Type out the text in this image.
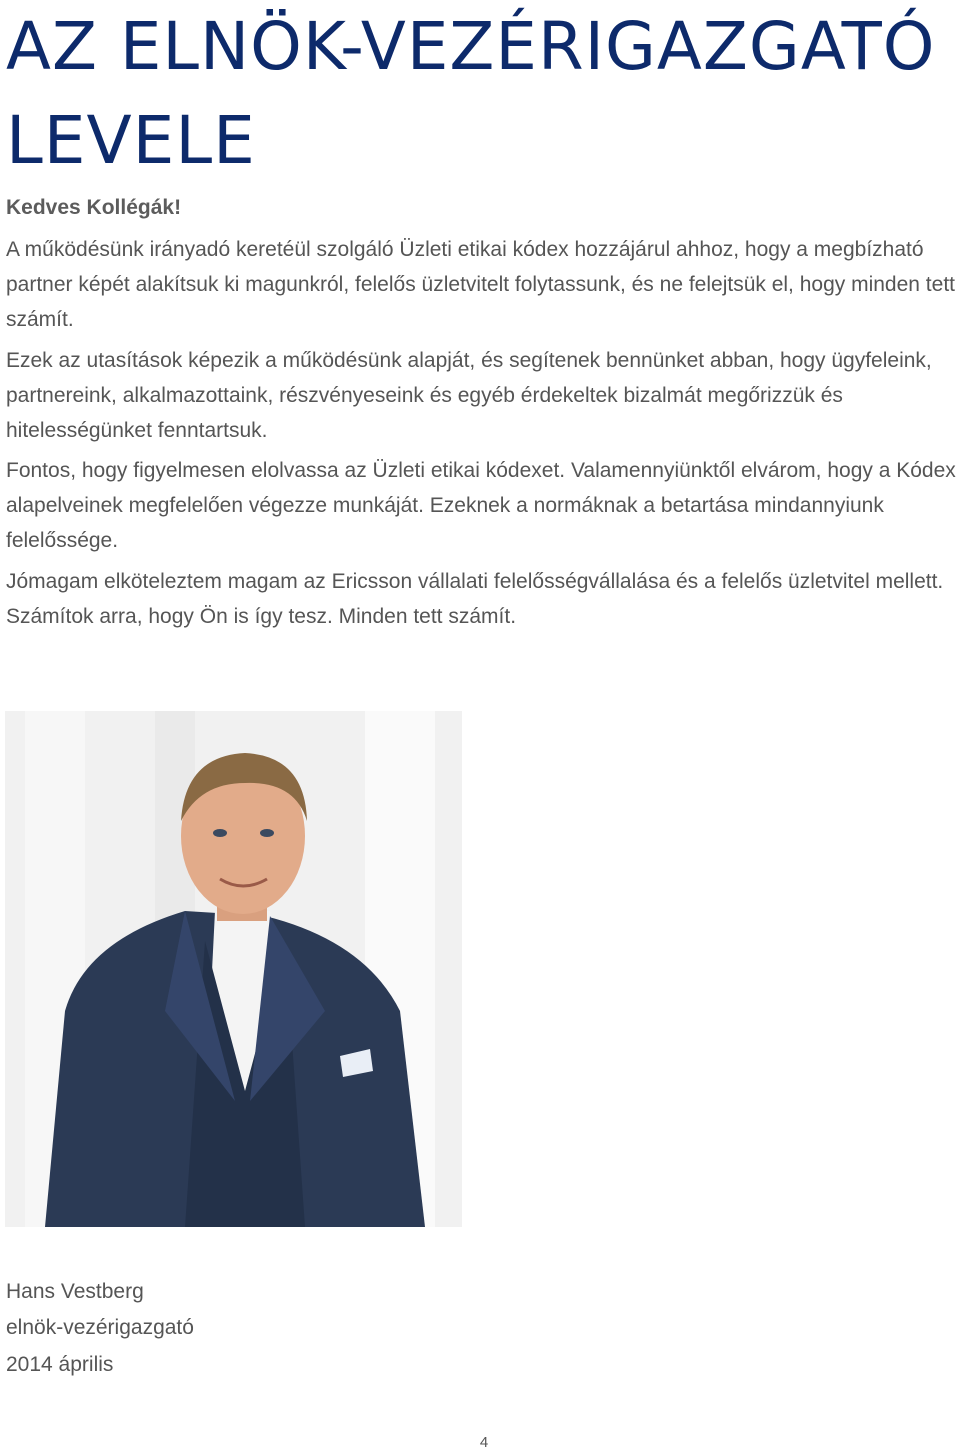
AZ ELNÖK-VEZÉRIGAZGATÓ
LEVELE

Kedves Kollégák!

A működésünk irányadó keretéül szolgáló Üzleti etikai kódex hozzájárul ahhoz, hogy a megbízható partner képét alakítsuk ki magunkról, felelős üzletvitelt folytassunk, és ne felejtsük el, hogy minden tett számít.

Ezek az utasítások képezik a működésünk alapját, és segítenek bennünket abban, hogy ügyfeleink, partnereink, alkalmazottaink, részvényeseink és egyéb érdekeltek bizalmát megőrizzük és hitelességünket fenntartsuk.

Fontos, hogy figyelmesen elolvassa az Üzleti etikai kódexet. Valamennyiünktől elvárom, hogy a Kódex alapelveinek megfelelően végezze munkáját. Ezeknek a normáknak a betartása mindannyiunk felelőssége.

Jómagam elköteleztem magam az Ericsson vállalati felelősségvállalása és a felelős üzletvitel mellett. Számítok arra, hogy Ön is így tesz. Minden tett számít.

Hans Vestberg

elnök-vezérigazgató

2014 április

4
